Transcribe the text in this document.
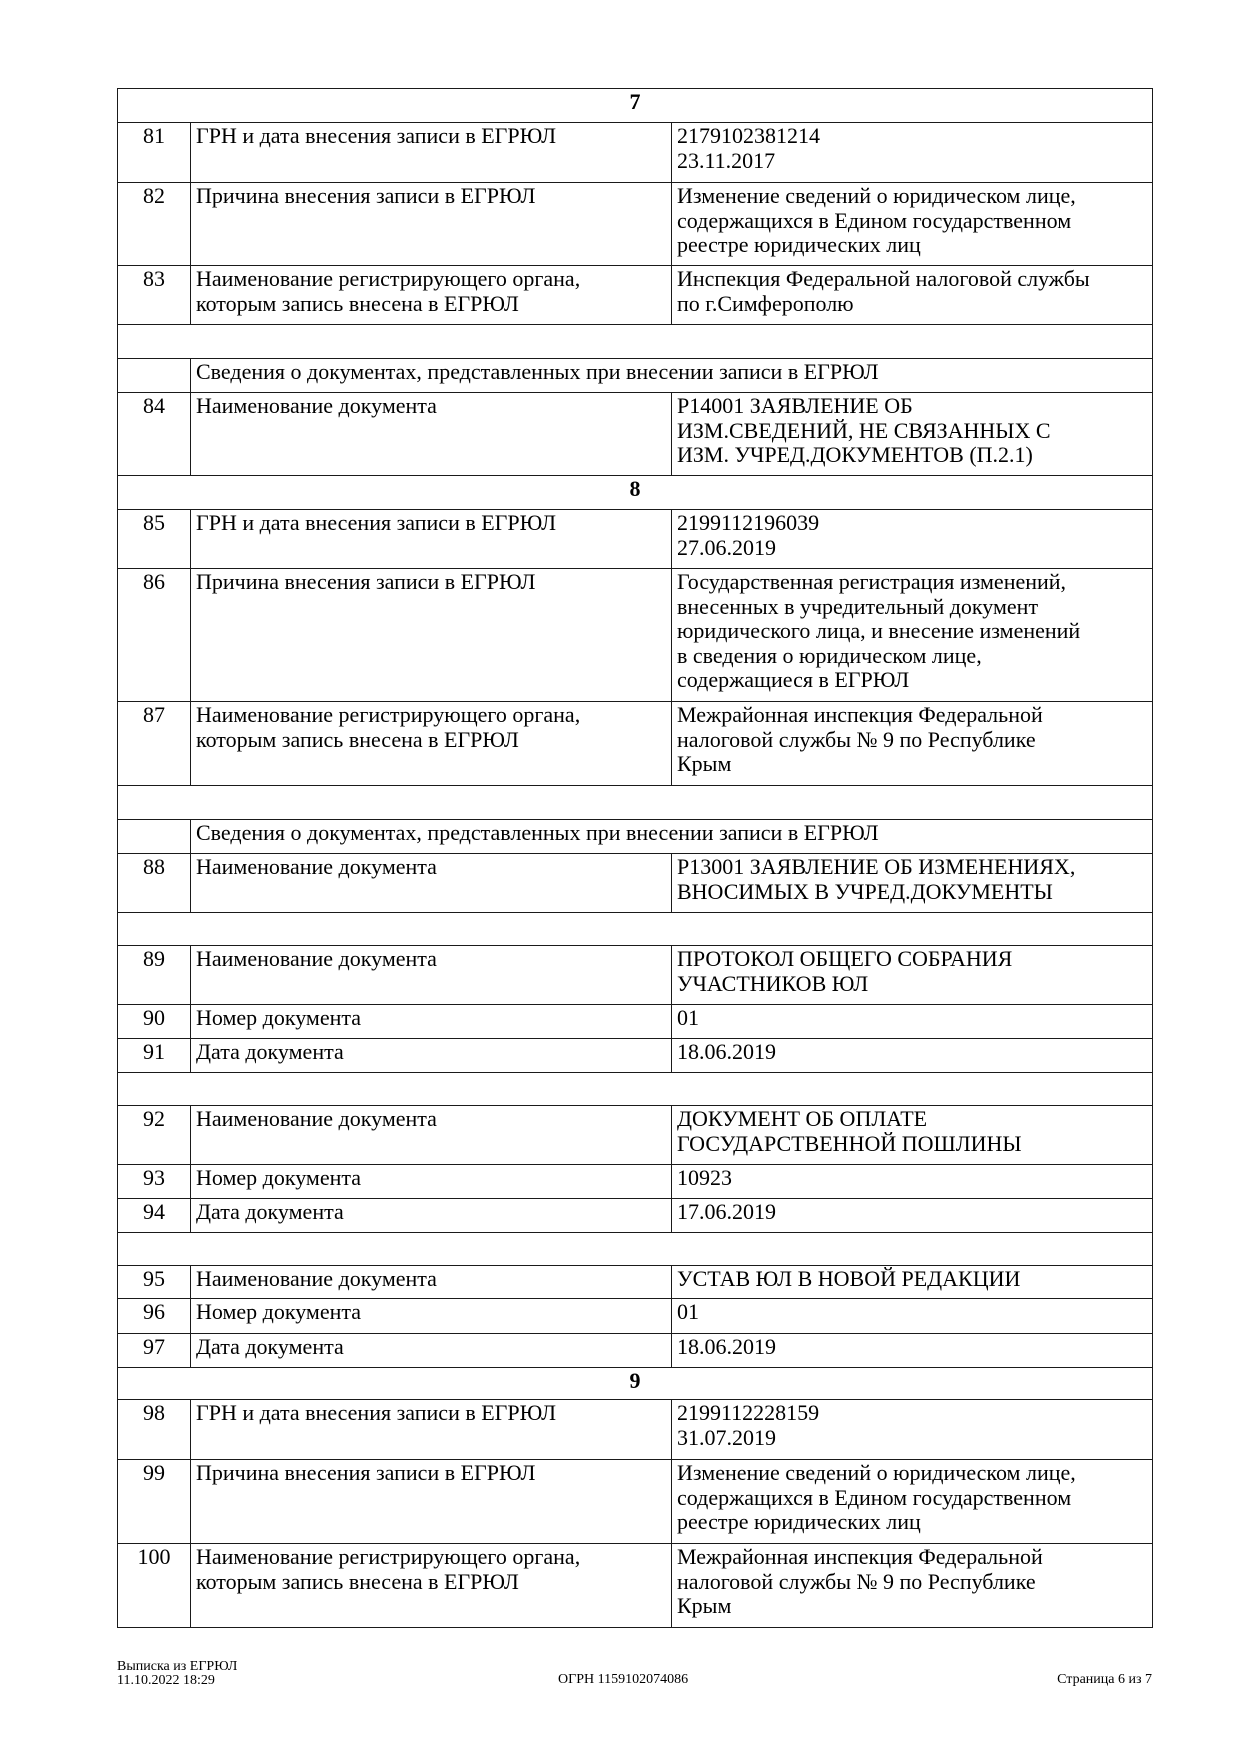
7		
81	ГРН и дата внесения записи в ЕГРЮЛ	2179102381214
23.11.2017

82	Причина внесения записи в ЕГРЮЛ	Изменение сведений о юридическом лице,
содержащихся в Едином государственном
реестре юридических лиц

83	Наименование регистрирующего органа,
которым запись внесена в ЕГРЮЛ	Инспекция Федеральной налоговой службы
по г.Симферополю

	Сведения о документах, представленных при внесении записи в ЕГРЮЛ	
84	Наименование документа	Р14001 ЗАЯВЛЕНИЕ ОБ
ИЗМ.СВЕДЕНИЙ, НЕ СВЯЗАННЫХ С
ИЗМ. УЧРЕД.ДОКУМЕНТОВ (П.2.1)

8		
85	ГРН и дата внесения записи в ЕГРЮЛ	2199112196039
27.06.2019

86	Причина внесения записи в ЕГРЮЛ	Государственная регистрация изменений,
внесенных в учредительный документ
юридического лица, и внесение изменений
в сведения о юридическом лице,
содержащиеся в ЕГРЮЛ

87	Наименование регистрирующего органа,
которым запись внесена в ЕГРЮЛ	Межрайонная инспекция Федеральной
налоговой службы № 9 по Республике
Крым

	Сведения о документах, представленных при внесении записи в ЕГРЮЛ	
88	Наименование документа	Р13001 ЗАЯВЛЕНИЕ ОБ ИЗМЕНЕНИЯХ,
ВНОСИМЫХ В УЧРЕД.ДОКУМЕНТЫ

89	Наименование документа	ПРОТОКОЛ ОБЩЕГО СОБРАНИЯ
УЧАСТНИКОВ ЮЛ

90	Номер документа	01

91	Дата документа	18.06.2019

92	Наименование документа	ДОКУМЕНТ ОБ ОПЛАТЕ
ГОСУДАРСТВЕННОЙ ПОШЛИНЫ

93	Номер документа	10923

94	Дата документа	17.06.2019

95	Наименование документа	УСТАВ ЮЛ В НОВОЙ РЕДАКЦИИ

96	Номер документа	01

97	Дата документа	18.06.2019

9		
98	ГРН и дата внесения записи в ЕГРЮЛ	2199112228159
31.07.2019

99	Причина внесения записи в ЕГРЮЛ	Изменение сведений о юридическом лице,
содержащихся в Едином государственном
реестре юридических лиц

100	Наименование регистрирующего органа,
которым запись внесена в ЕГРЮЛ	Межрайонная инспекция Федеральной
налоговой службы № 9 по Республике
Крым
Выписка из ЕГРЮЛ
11.10.2022 18:29	ОГРН 1159102074086	Страница 6 из 7
